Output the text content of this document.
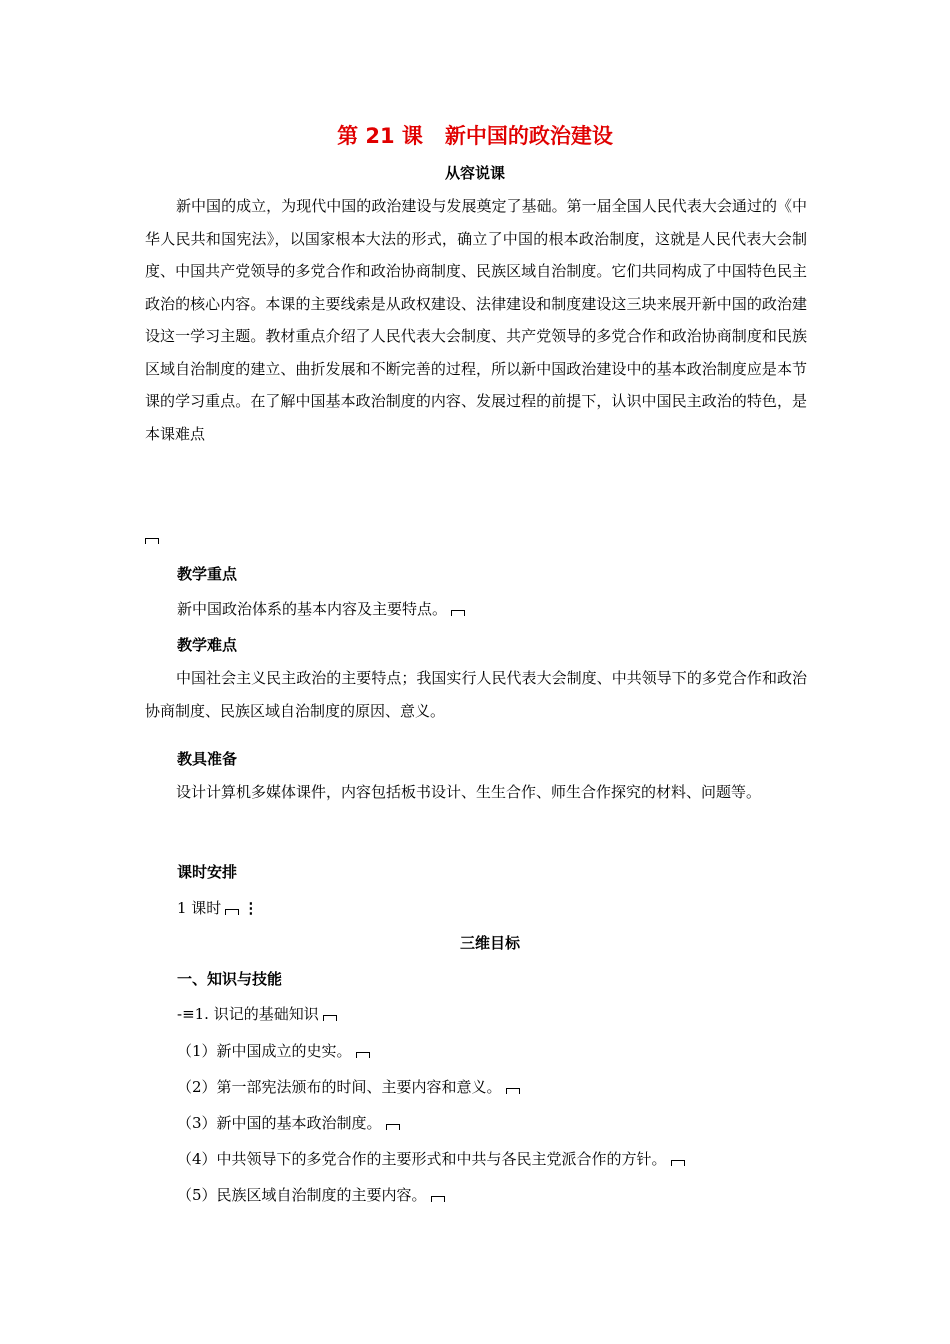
第 21 课 新中国的政治建设
从容说课
新中国的成立，为现代中国的政治建设与发展奠定了基础。第一届全国人民代表大会通过的《中华人民共和国宪法》，以国家根本大法的形式，确立了中国的根本政治制度，这就是人民代表大会制度、中国共产党领导的多党合作和政治协商制度、民族区域自治制度。它们共同构成了中国特色民主政治的核心内容。本课的主要线索是从政权建设、法律建设和制度建设这三块来展开新中国的政治建设这一学习主题。教材重点介绍了人民代表大会制度、共产党领导的多党合作和政治协商制度和民族区域自治制度的建立、曲折发展和不断完善的过程，所以新中国政治建设中的基本政治制度应是本节课的学习重点。在了解中国基本政治制度的内容、发展过程的前提下，认识中国民主政治的特色，是本课难点
教学重点
新中国政治体系的基本内容及主要特点。
教学难点
中国社会主义民主政治的主要特点；我国实行人民代表大会制度、中共领导下的多党合作和政治协商制度、民族区域自治制度的原因、意义。
教具准备
设计计算机多媒体课件，内容包括板书设计、生生合作、师生合作探究的材料、问题等。
课时安排
1 课时 ⋮
三维目标
一、知识与技能
-≡1. 识记的基础知识
（1）新中国成立的史实。
（2）第一部宪法颁布的时间、主要内容和意义。
（3）新中国的基本政治制度。
（4）中共领导下的多党合作的主要形式和中共与各民主党派合作的方针。
（5）民族区域自治制度的主要内容。
